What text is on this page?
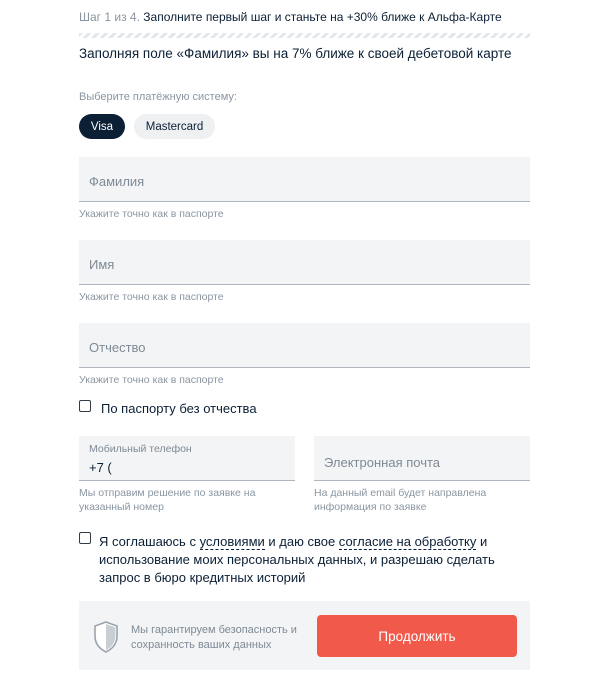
Шаг 1 из 4. Заполните первый шаг и станьте на +30% ближе к Альфа-Карте
Заполняя поле «Фамилия» вы на 7% ближе к своей дебетовой карте
Выберите платёжную систему:
Visa	Mastercard
Фамилия
Укажите точно как в паспорте
Имя
Укажите точно как в паспорте
Отчество
Укажите точно как в паспорте
По паспорту без отчества
Мобильный телефон
+7 (
Мы отправим решение по заявке на
указанный номер
Электронная почта
На данный email будет направлена
информация по заявке
Я соглашаюсь с условиями и даю свое согласие на обработку и использование моих персональных данных, и разрешаю сделать запрос в бюро кредитных историй
Мы гарантируем безопасность и
сохранность ваших данных
Продолжить
